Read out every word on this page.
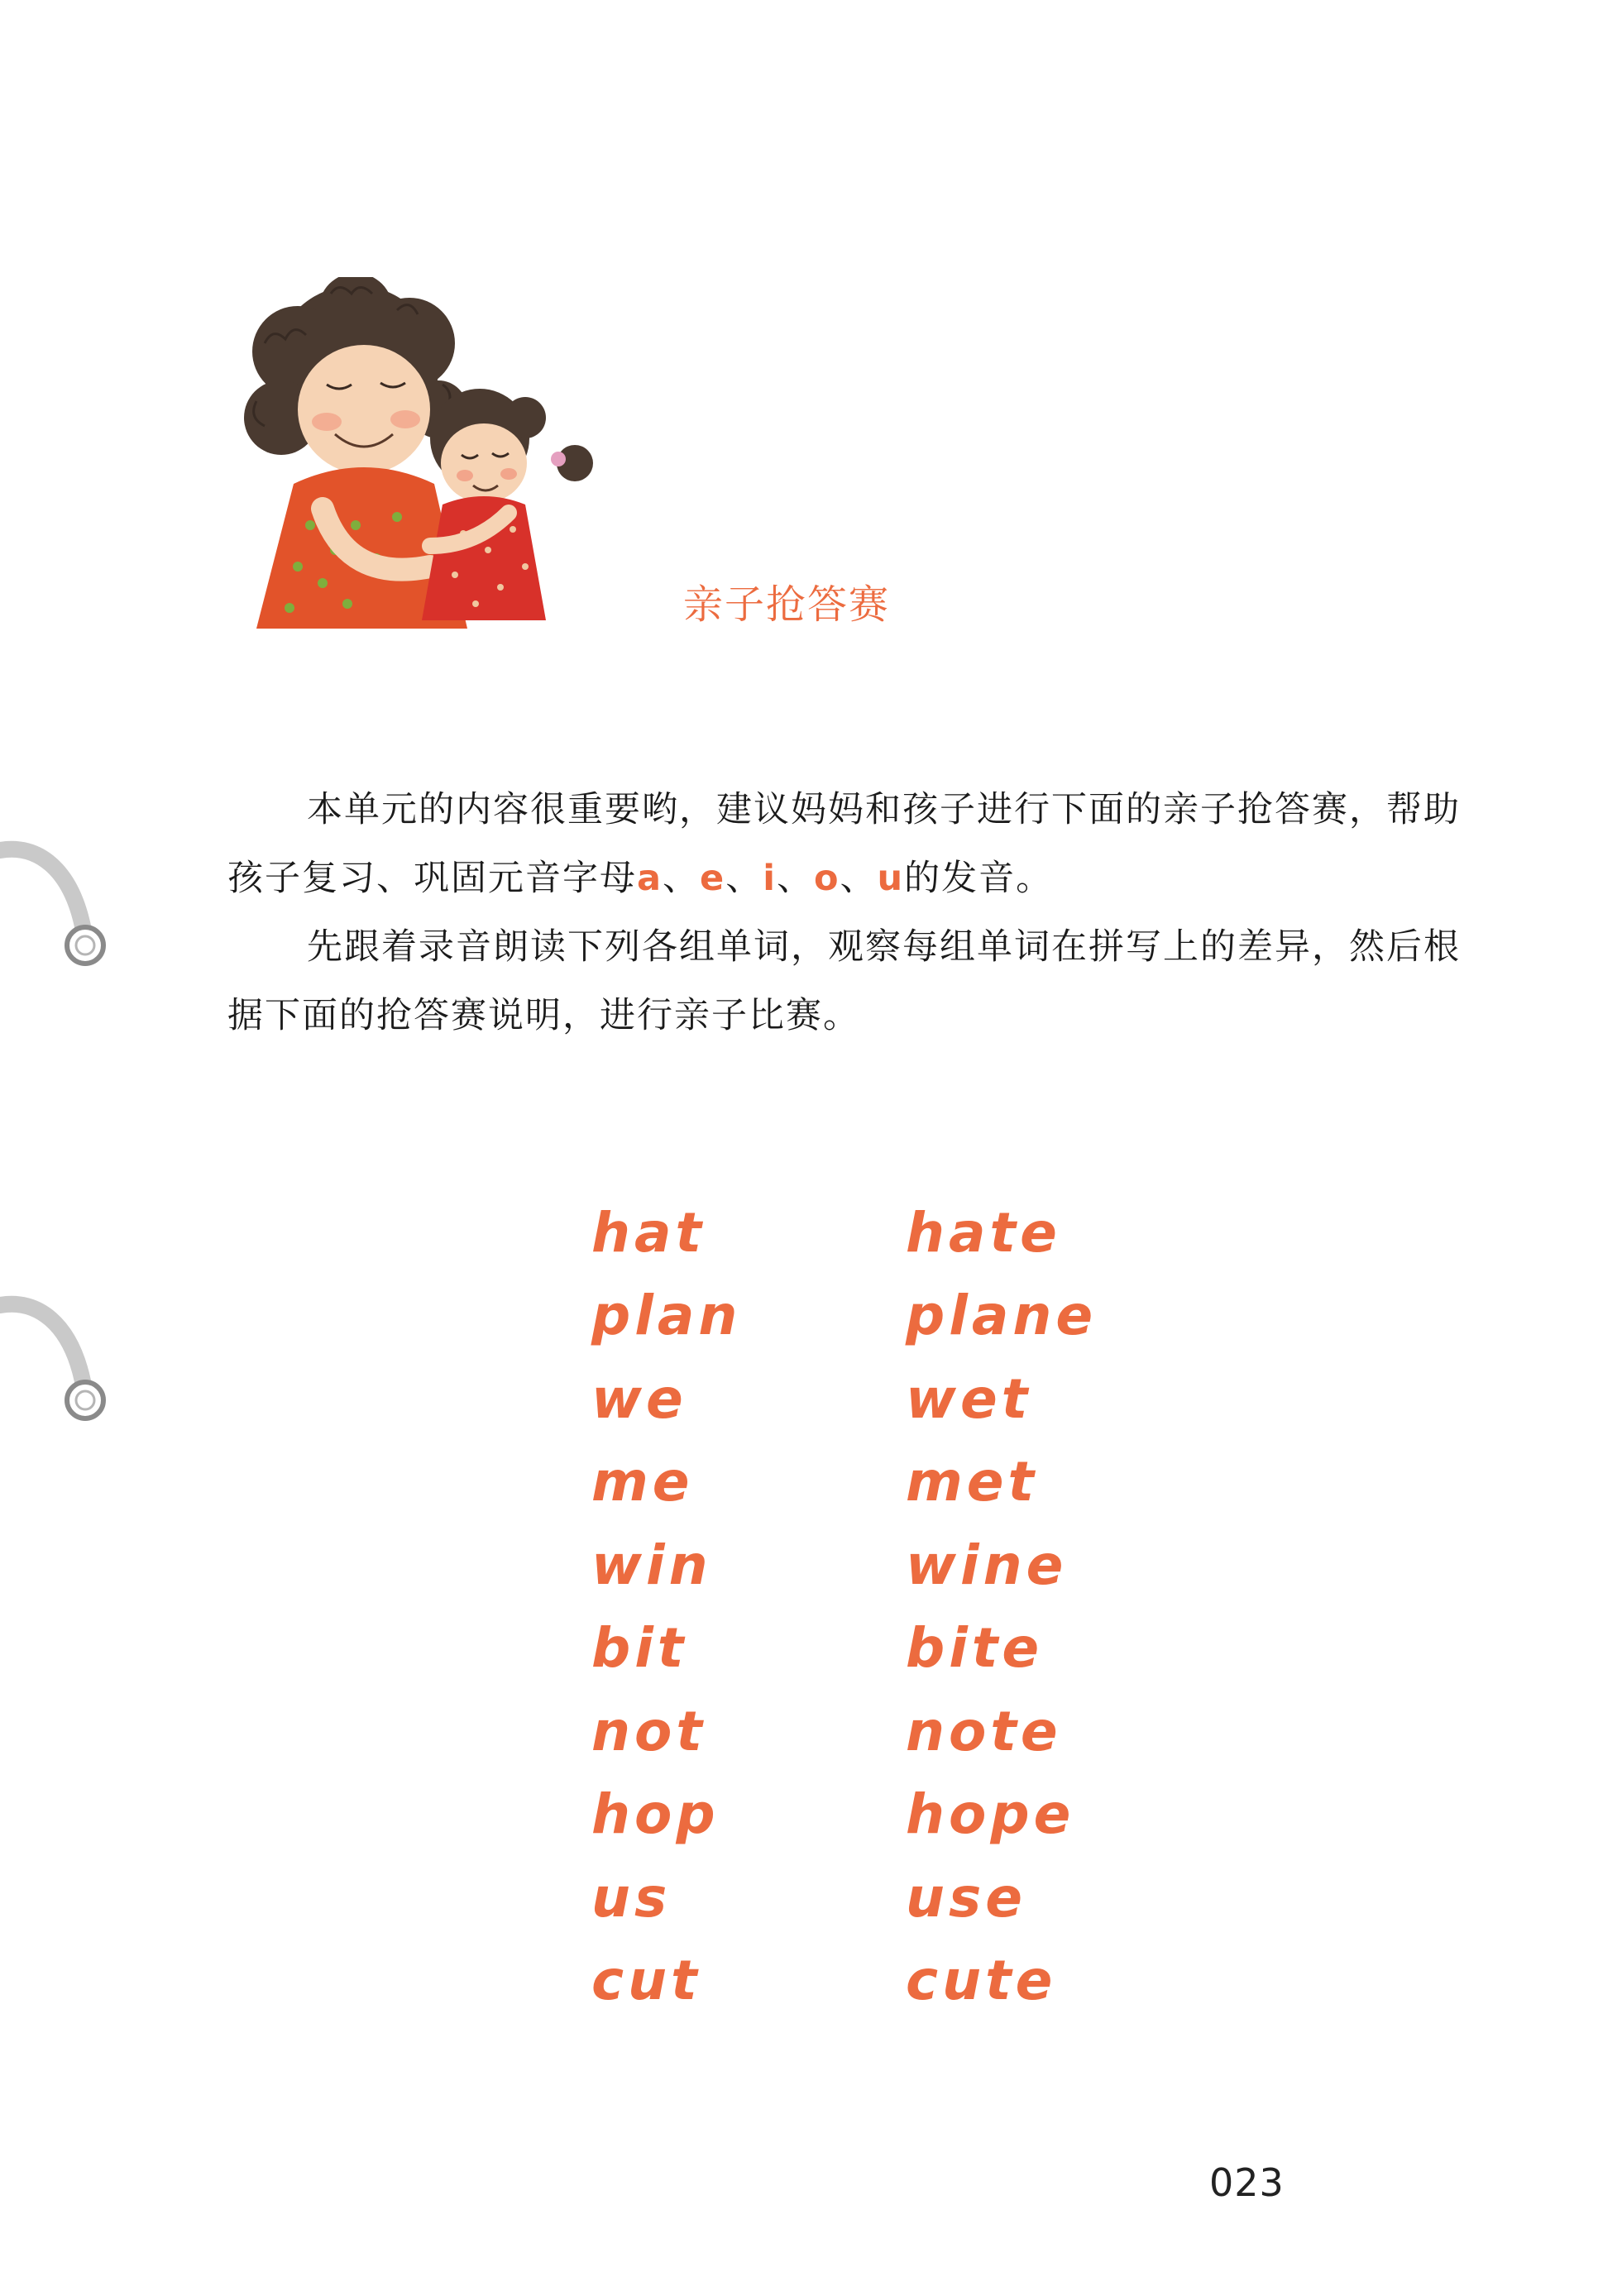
亲子抢答赛

本单元的内容很重要哟，建议妈妈和孩子进行下面的亲子抢答赛，帮助孩子复习、巩固元音字母a、e、i、o、u的发音。

先跟着录音朗读下列各组单词，观察每组单词在拼写上的差异，然后根据下面的抢答赛说明，进行亲子比赛。

hat	hate
plan	plane
we	wet
me	met
win	wine
bit	bite
not	note
hop	hope
us	use
cut	cute
023
